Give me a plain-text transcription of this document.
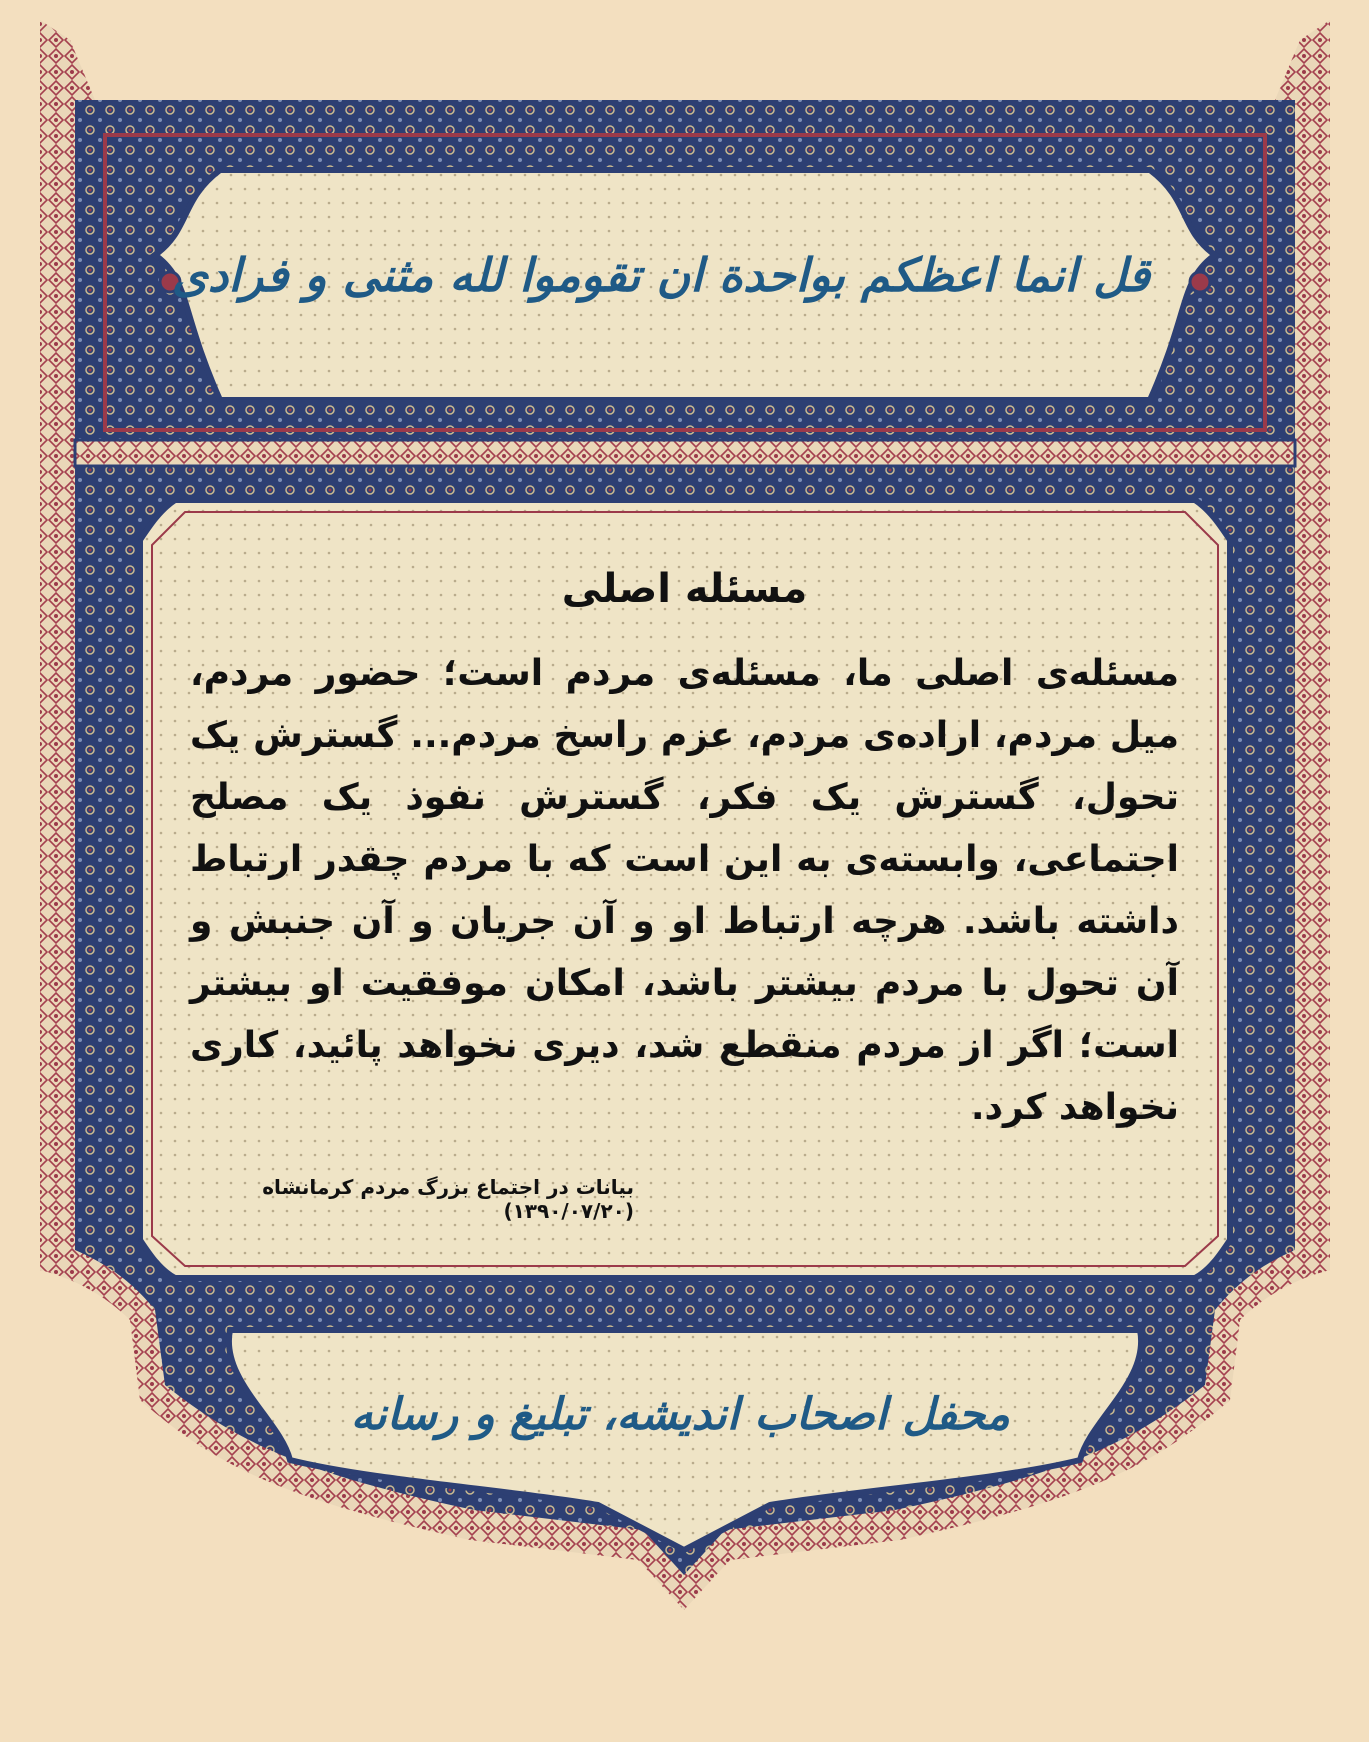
قل انما اعظکم بواحدة ان تقوموا لله مثنی و فرادی
مسئله اصلی
مسئله‌ی اصلی ما، مسئله‌ی مردم است؛ حضور مردم، میل مردم، اراده‌ی مردم، عزم راسخ مردم... گسترش یک تحول، گسترش یک فکر، گسترش نفوذ یک مصلح اجتماعی، وابسته‌ی به این است که با مردم چقدر ارتباط داشته باشد. هرچه ارتباط او و آن جریان و آن جنبش و آن تحول با مردم بیشتر باشد، امکان موفقیت او بیشتر است؛ اگر از مردم منقطع شد، دیری نخواهد پائید، کاری نخواهد کرد.
بیانات در اجتماع بزرگ مردم کرمانشاه (۱۳۹۰/۰۷/۲۰)
محفل اصحاب اندیشه، تبلیغ و رسانه
